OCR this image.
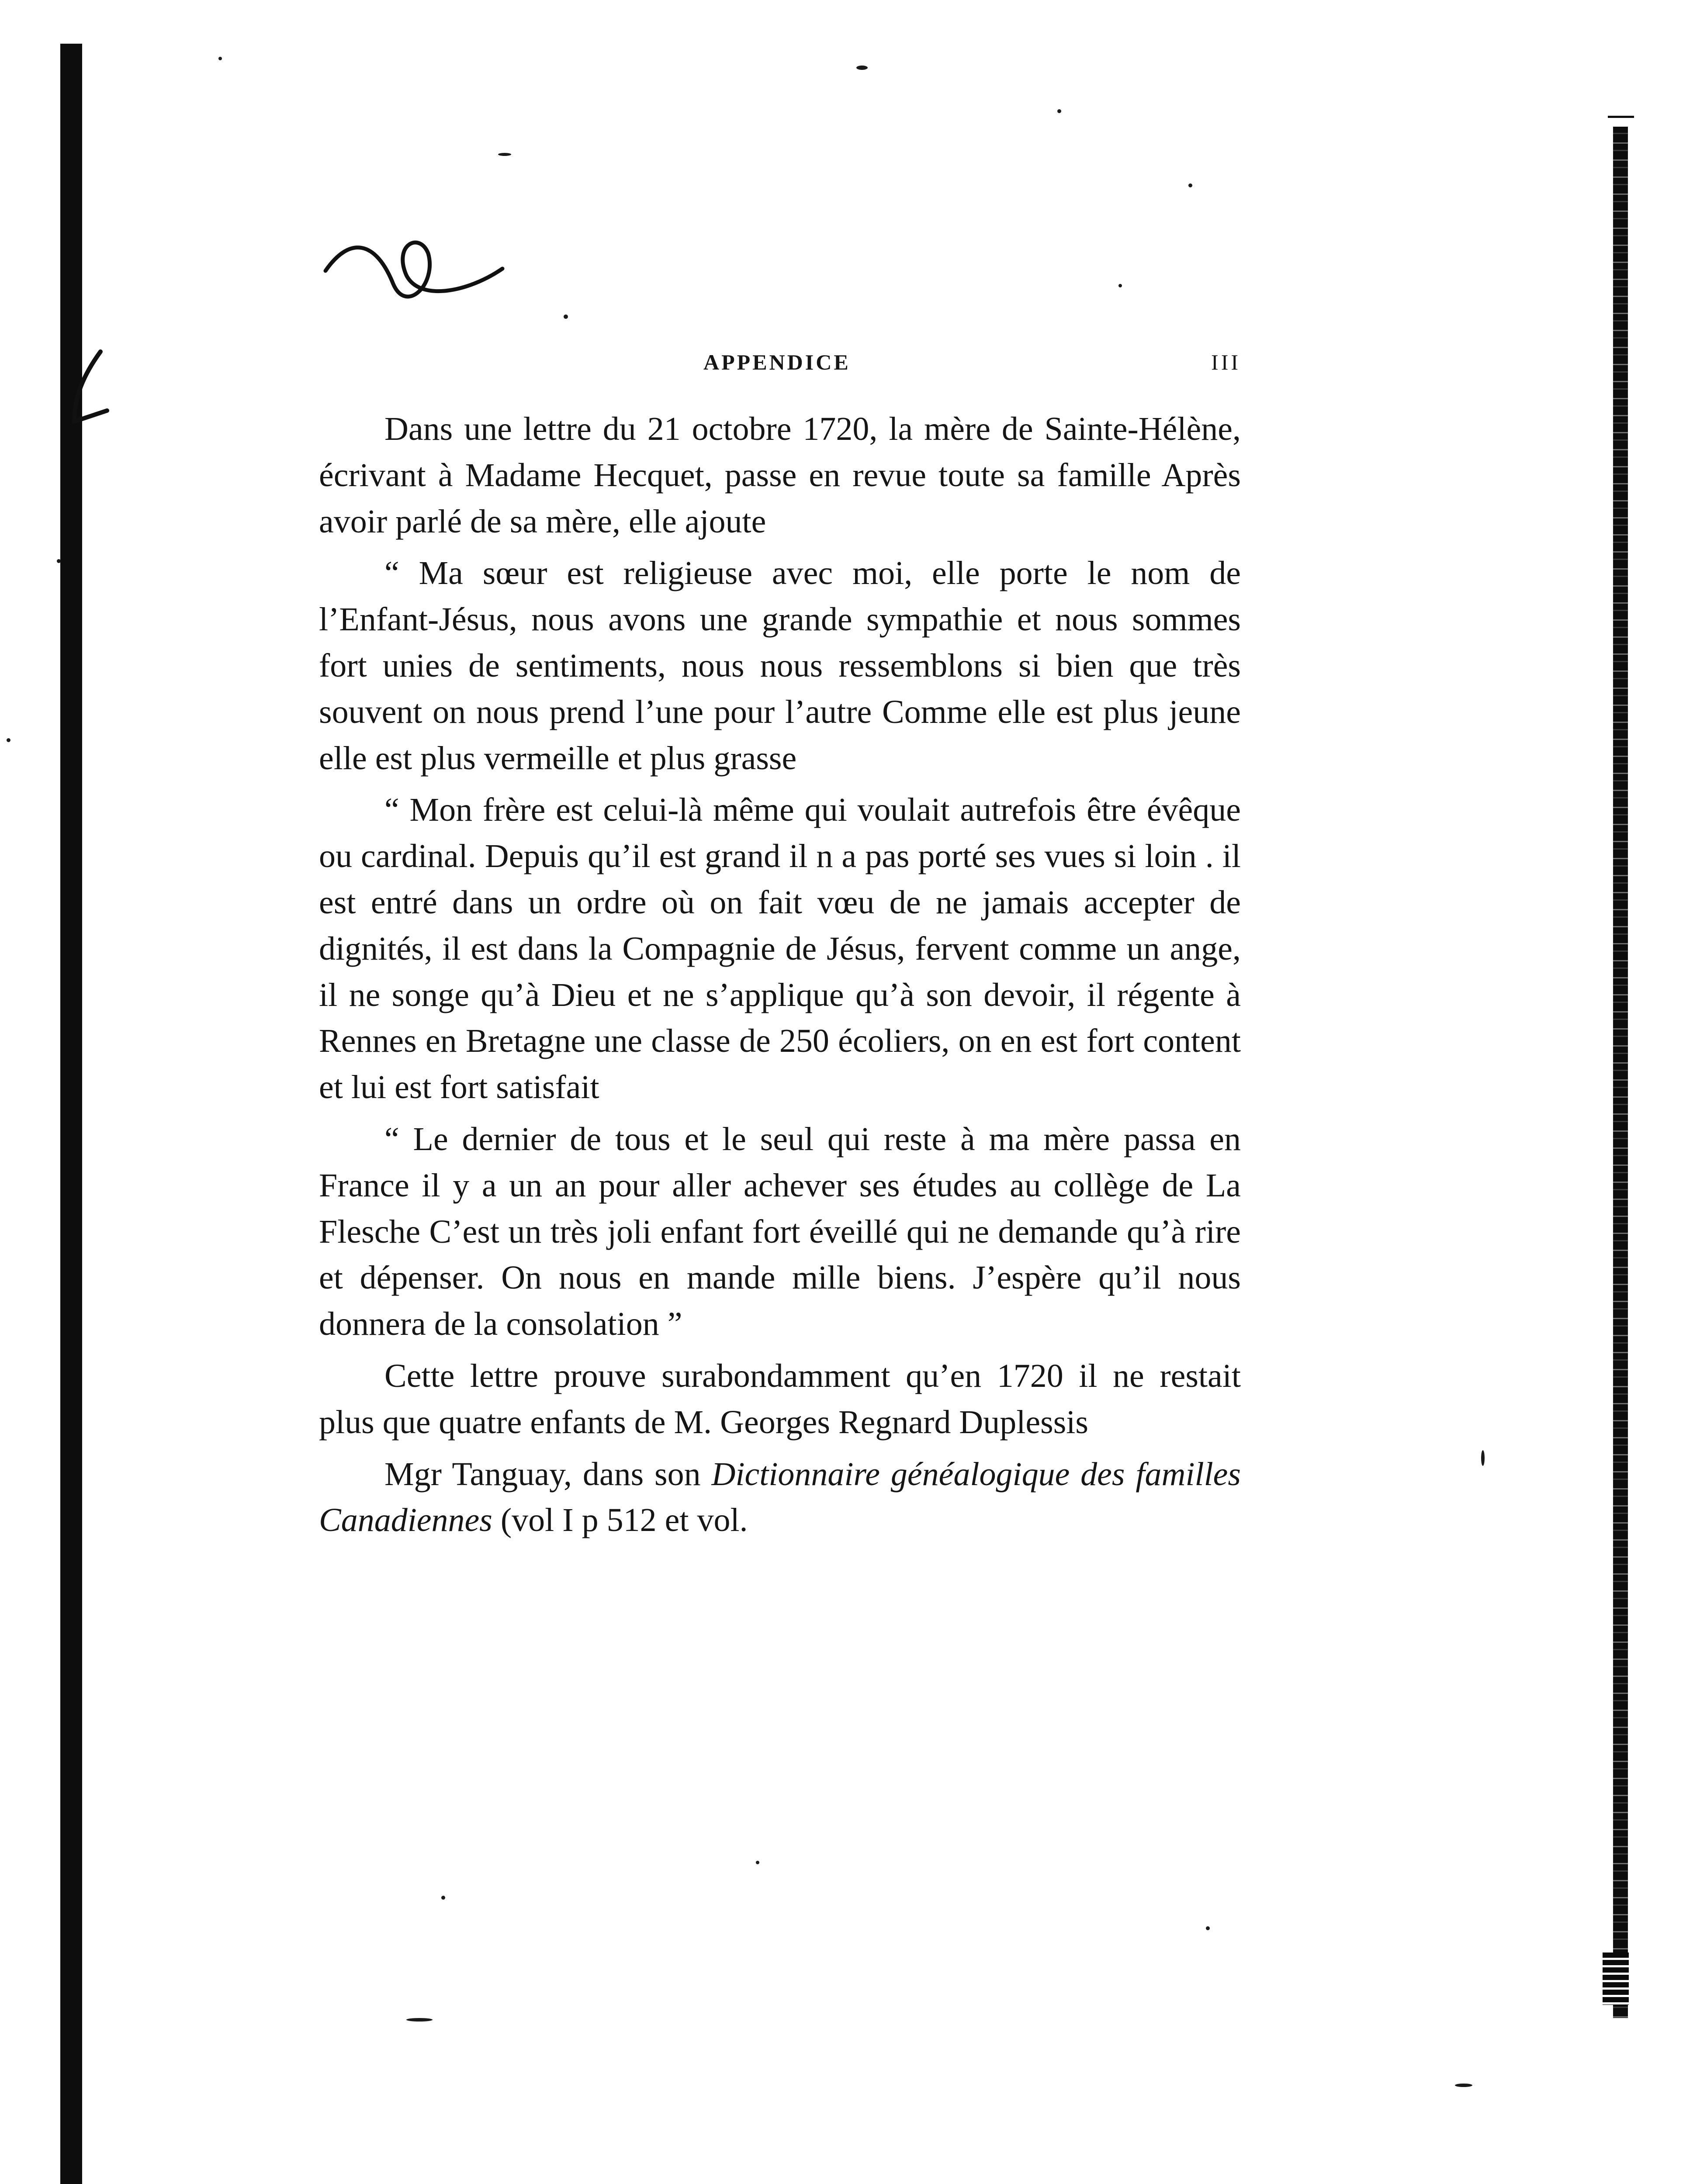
APPENDICE	III

Dans une lettre du 21 octobre 1720, la mère de Sainte-Hélène, écrivant à Madame Hecquet, passe en revue toute sa famille Après avoir parlé de sa mère, elle ajoute

“ Ma sœur est religieuse avec moi, elle porte le nom de l’Enfant-Jésus, nous avons une grande sympathie et nous sommes fort unies de sentiments, nous nous ressemblons si bien que très souvent on nous prend l’une pour l’autre Comme elle est plus jeune elle est plus vermeille et plus grasse

“ Mon frère est celui-là même qui voulait autrefois être évêque ou cardinal. Depuis qu’il est grand il n a pas porté ses vues si loin . il est entré dans un ordre où on fait vœu de ne jamais accepter de dignités, il est dans la Compagnie de Jésus, fervent comme un ange, il ne songe qu’à Dieu et ne s’applique qu’à son devoir, il régente à Rennes en Bretagne une classe de 250 écoliers, on en est fort content et lui est fort satisfait

“ Le dernier de tous et le seul qui reste à ma mère passa en France il y a un an pour aller achever ses études au collège de La Flesche C’est un très joli enfant fort éveillé qui ne demande qu’à rire et dépenser. On nous en mande mille biens. J’espère qu’il nous donnera de la consolation ”

Cette lettre prouve surabondamment qu’en 1720 il ne restait plus que quatre enfants de M. Georges Regnard Duplessis

Mgr Tanguay, dans son Dictionnaire généalogique des familles Canadiennes (vol I p 512 et vol.
